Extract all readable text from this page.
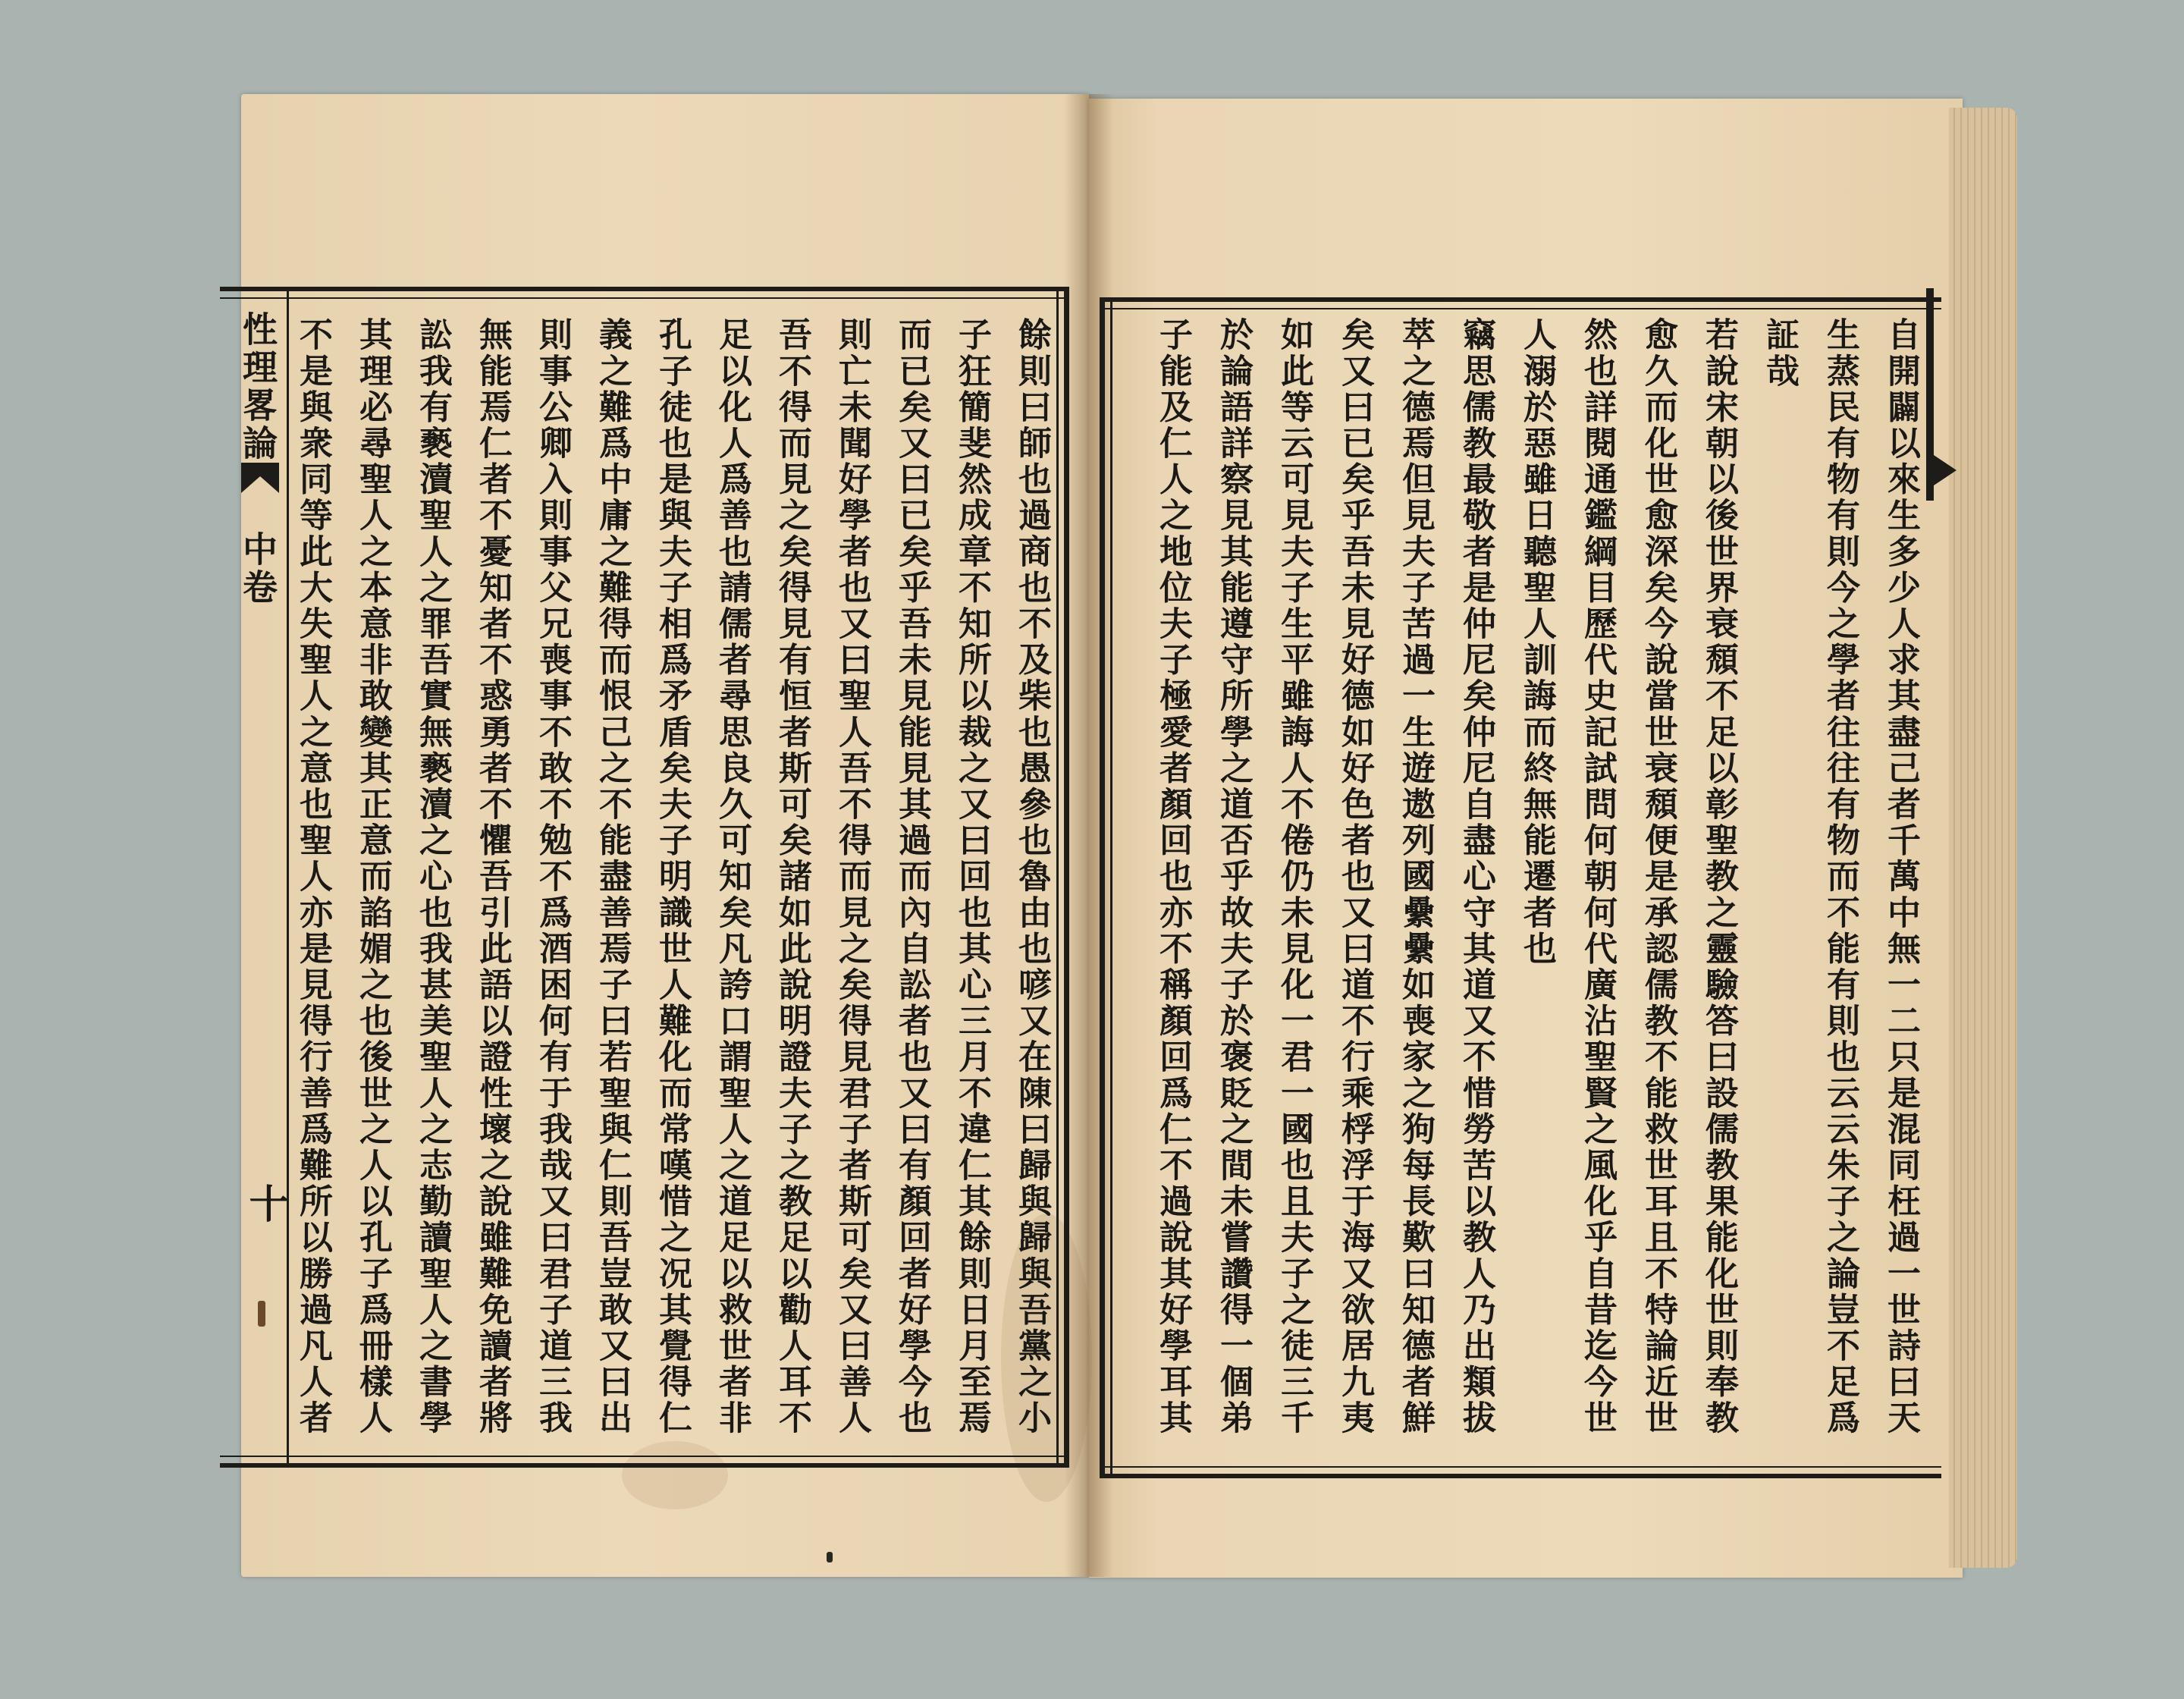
性理畧論
中卷
十	餘則曰師也過商也不及柴也愚參也魯由也喭又在陳曰歸與歸與吾黨之小
子狂簡斐然成章不知所以裁之又曰回也其心三月不違仁其餘則日月至焉
而已矣又曰已矣乎吾未見能見其過而內自訟者也又曰有顏回者好學今也
則亡未聞好學者也又曰聖人吾不得而見之矣得見君子者斯可矣又曰善人
吾不得而見之矣得見有恒者斯可矣諸如此說明證夫子之教足以勸人耳不
足以化人爲善也請儒者尋思良久可知矣凡誇口謂聖人之道足以救世者非
孔子徒也是與夫子相爲矛盾矣夫子明識世人難化而常嘆惜之况其覺得仁
義之難爲中庸之難得而恨己之不能盡善焉子曰若聖與仁則吾豈敢又曰出
則事公卿入則事父兄喪事不敢不勉不爲酒困何有于我哉又曰君子道三我
無能焉仁者不憂知者不惑勇者不懼吾引此語以證性壞之說雖難免讀者將
訟我有褻瀆聖人之罪吾實無褻瀆之心也我甚美聖人之志勤讀聖人之書學
其理必尋聖人之本意非敢變其正意而諂媚之也後世之人以孔子爲冊樣人
不是與衆同等此大失聖人之意也聖人亦是見得行善爲難所以勝過凡人者	自開闢以來生多少人求其盡己者千萬中無一二只是混同枉過一世詩曰天
生蒸民有物有則今之學者往往有物而不能有則也云云朱子之論豈不足爲
証哉
若說宋朝以後世界衰頹不足以彰聖教之靈驗答曰設儒教果能化世則奉教
愈久而化世愈深矣今說當世衰頹便是承認儒教不能救世耳且不特論近世
然也詳閱通鑑綱目歷代史記試問何朝何代廣沾聖賢之風化乎自昔迄今世
人溺於惡雖日聽聖人訓誨而終無能遷者也
竊思儒教最敬者是仲尼矣仲尼自盡心守其道又不惜勞苦以教人乃出類拔
萃之德焉但見夫子苦過一生遊遨列國纍纍如喪家之狗每長歎曰知德者鮮
矣又曰已矣乎吾未見好德如好色者也又曰道不行乘桴浮于海又欲居九夷
如此等云可見夫子生平雖誨人不倦仍未見化一君一國也且夫子之徒三千
於論語詳察見其能遵守所學之道否乎故夫子於褒貶之間未嘗讚得一個弟
子能及仁人之地位夫子極愛者顏回也亦不稱顏回爲仁不過說其好學耳其
